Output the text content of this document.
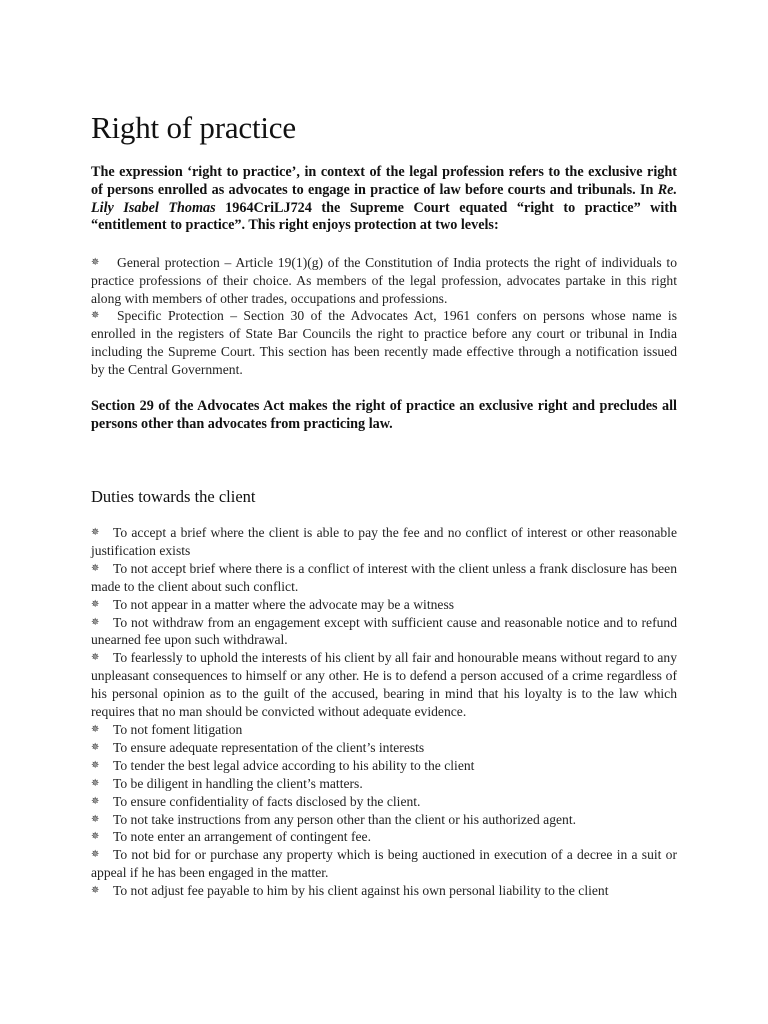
Right of practice

The expression ‘right to practice’, in context of the legal profession refers to the exclusive right of persons enrolled as advocates to engage in practice of law before courts and tribunals. In Re. Lily Isabel Thomas 1964CriLJ724 the Supreme Court equated “right to practice” with “entitlement to practice”. This right enjoys protection at two levels:

✵ General protection – Article 19(1)(g) of the Constitution of India protects the right of individuals to practice professions of their choice. As members of the legal profession, advocates partake in this right along with members of other trades, occupations and professions.

✵ Specific Protection – Section 30 of the Advocates Act, 1961 confers on persons whose name is enrolled in the registers of State Bar Councils the right to practice before any court or tribunal in India including the Supreme Court. This section has been recently made effective through a notification issued by the Central Government.

Section 29 of the Advocates Act makes the right of practice an exclusive right and precludes all persons other than advocates from practicing law.

Duties towards the client

✵ To accept a brief where the client is able to pay the fee and no conflict of interest or other reasonable justification exists

✵ To not accept brief where there is a conflict of interest with the client unless a frank disclosure has been made to the client about such conflict.

✵ To not appear in a matter where the advocate may be a witness

✵ To not withdraw from an engagement except with sufficient cause and reasonable notice and to refund unearned fee upon such withdrawal.

✵ To fearlessly to uphold the interests of his client by all fair and honourable means without regard to any unpleasant consequences to himself or any other. He is to defend a person accused of a crime regardless of his personal opinion as to the guilt of the accused, bearing in mind that his loyalty is to the law which requires that no man should be convicted without adequate evidence.

✵ To not foment litigation

✵ To ensure adequate representation of the client’s interests

✵ To tender the best legal advice according to his ability to the client

✵ To be diligent in handling the client’s matters.

✵ To ensure confidentiality of facts disclosed by the client.

✵ To not take instructions from any person other than the client or his authorized agent.

✵ To note enter an arrangement of contingent fee.

✵ To not bid for or purchase any property which is being auctioned in execution of a decree in a suit or appeal if he has been engaged in the matter.

✵ To not adjust fee payable to him by his client against his own personal liability to the client
